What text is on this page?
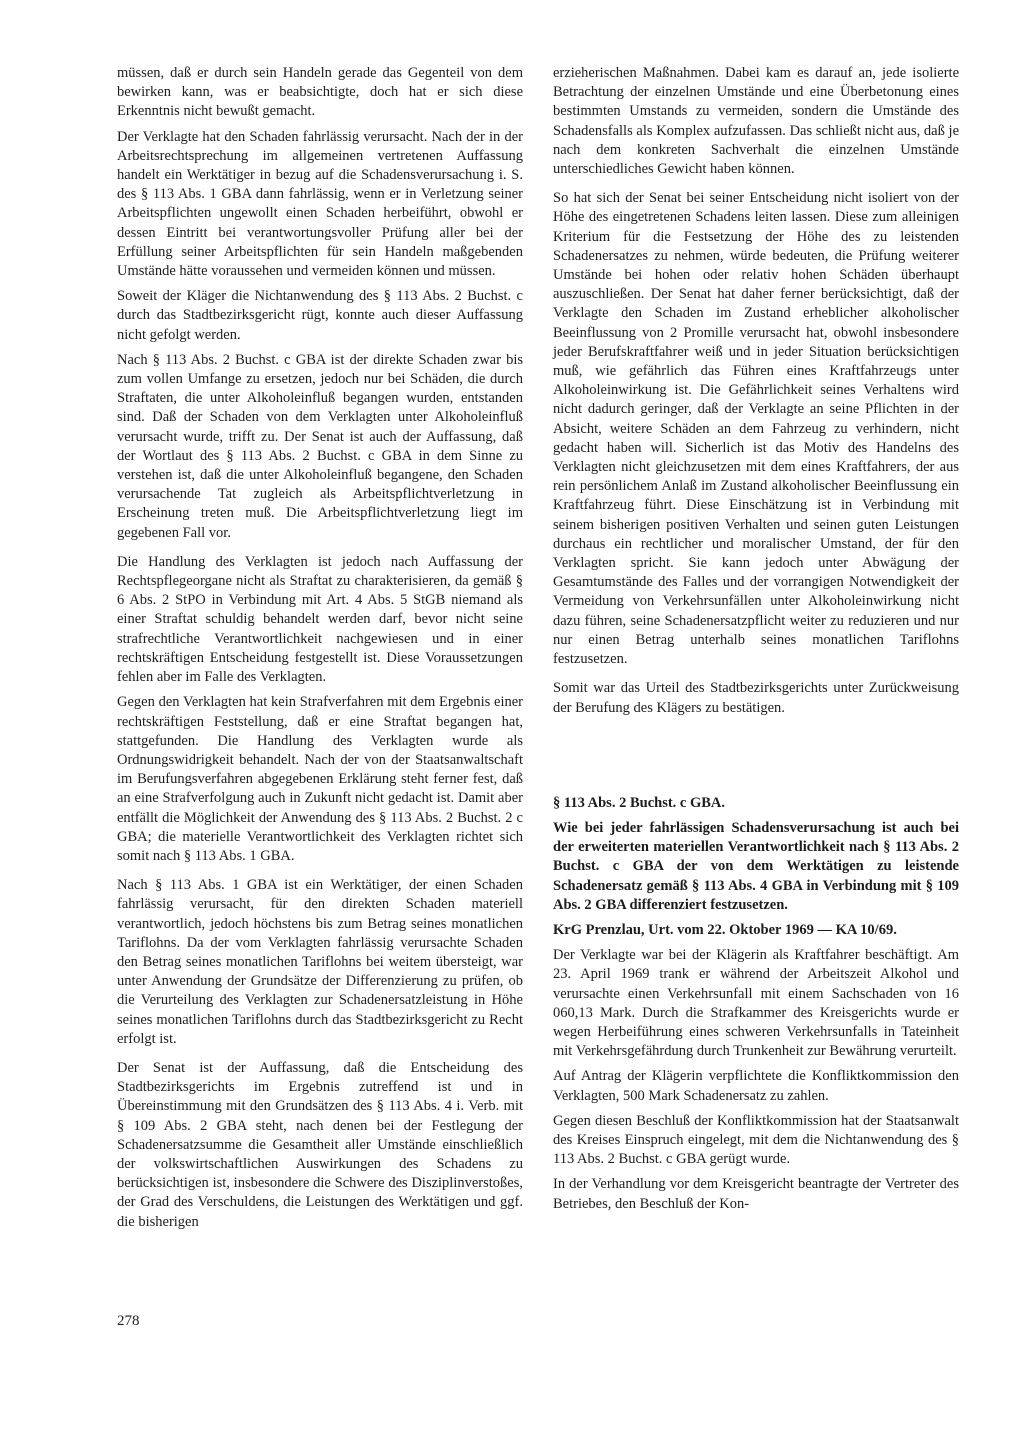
müssen, daß er durch sein Handeln gerade das Gegenteil von dem bewirken kann, was er beabsichtigte, doch hat er sich diese Erkenntnis nicht bewußt gemacht.

Der Verklagte hat den Schaden fahrlässig verursacht. Nach der in der Arbeitsrechtsprechung im allgemeinen vertretenen Auffassung handelt ein Werktätiger in bezug auf die Schadensverursachung i. S. des § 113 Abs. 1 GBA dann fahrlässig, wenn er in Verletzung seiner Arbeitspflichten ungewollt einen Schaden herbeiführt, obwohl er dessen Eintritt bei verantwortungsvoller Prüfung aller bei der Erfüllung seiner Arbeitspflichten für sein Handeln maßgebenden Umstände hätte voraussehen und vermeiden können und müssen.

Soweit der Kläger die Nichtanwendung des § 113 Abs. 2 Buchst. c durch das Stadtbezirksgericht rügt, konnte auch dieser Auffassung nicht gefolgt werden.

Nach § 113 Abs. 2 Buchst. c GBA ist der direkte Schaden zwar bis zum vollen Umfange zu ersetzen, jedoch nur bei Schäden, die durch Straftaten, die unter Alkoholeinfluß begangen wurden, entstanden sind. Daß der Schaden von dem Verklagten unter Alkoholeinfluß verursacht wurde, trifft zu. Der Senat ist auch der Auffassung, daß der Wortlaut des § 113 Abs. 2 Buchst. c GBA in dem Sinne zu verstehen ist, daß die unter Alkoholeinfluß begangene, den Schaden verursachende Tat zugleich als Arbeitspflichtverletzung in Erscheinung treten muß. Die Arbeitspflichtverletzung liegt im gegebenen Fall vor.

Die Handlung des Verklagten ist jedoch nach Auffassung der Rechtspflegeorgane nicht als Straftat zu charakterisieren, da gemäß § 6 Abs. 2 StPO in Verbindung mit Art. 4 Abs. 5 StGB niemand als einer Straftat schuldig behandelt werden darf, bevor nicht seine strafrechtliche Verantwortlichkeit nachgewiesen und in einer rechtskräftigen Entscheidung festgestellt ist. Diese Voraussetzungen fehlen aber im Falle des Verklagten.

Gegen den Verklagten hat kein Strafverfahren mit dem Ergebnis einer rechtskräftigen Feststellung, daß er eine Straftat begangen hat, stattgefunden. Die Handlung des Verklagten wurde als Ordnungswidrigkeit behandelt. Nach der von der Staatsanwaltschaft im Berufungsverfahren abgegebenen Erklärung steht ferner fest, daß an eine Strafverfolgung auch in Zukunft nicht gedacht ist. Damit aber entfällt die Möglichkeit der Anwendung des § 113 Abs. 2 Buchst. 2 c GBA; die materielle Verantwortlichkeit des Verklagten richtet sich somit nach § 113 Abs. 1 GBA.

Nach § 113 Abs. 1 GBA ist ein Werktätiger, der einen Schaden fahrlässig verursacht, für den direkten Schaden materiell verantwortlich, jedoch höchstens bis zum Betrag seines monatlichen Tariflohns. Da der vom Verklagten fahrlässig verursachte Schaden den Betrag seines monatlichen Tariflohns bei weitem übersteigt, war unter Anwendung der Grundsätze der Differenzierung zu prüfen, ob die Verurteilung des Verklagten zur Schadenersatzleistung in Höhe seines monatlichen Tariflohns durch das Stadtbezirksgericht zu Recht erfolgt ist.

Der Senat ist der Auffassung, daß die Entscheidung des Stadtbezirksgerichts im Ergebnis zutreffend ist und in Übereinstimmung mit den Grundsätzen des § 113 Abs. 4 i. Verb. mit § 109 Abs. 2 GBA steht, nach denen bei der Festlegung der Schadenersatzsumme die Gesamtheit aller Umstände einschließlich der volkswirtschaftlichen Auswirkungen des Schadens zu berücksichtigen ist, insbesondere die Schwere des Disziplinverstoßes, der Grad des Verschuldens, die Leistungen des Werktätigen und ggf. die bisherigen

erzieherischen Maßnahmen. Dabei kam es darauf an, jede isolierte Betrachtung der einzelnen Umstände und eine Überbetonung eines bestimmten Umstands zu vermeiden, sondern die Umstände des Schadensfalls als Komplex aufzufassen. Das schließt nicht aus, daß je nach dem konkreten Sachverhalt die einzelnen Umstände unterschiedliches Gewicht haben können.

So hat sich der Senat bei seiner Entscheidung nicht isoliert von der Höhe des eingetretenen Schadens leiten lassen. Diese zum alleinigen Kriterium für die Festsetzung der Höhe des zu leistenden Schadenersatzes zu nehmen, würde bedeuten, die Prüfung weiterer Umstände bei hohen oder relativ hohen Schäden überhaupt auszuschließen. Der Senat hat daher ferner berücksichtigt, daß der Verklagte den Schaden im Zustand erheblicher alkoholischer Beeinflussung von 2 Promille verursacht hat, obwohl insbesondere jeder Berufskraftfahrer weiß und in jeder Situation berücksichtigen muß, wie gefährlich das Führen eines Kraftfahrzeugs unter Alkoholeinwirkung ist. Die Gefährlichkeit seines Verhaltens wird nicht dadurch geringer, daß der Verklagte an seine Pflichten in der Absicht, weitere Schäden an dem Fahrzeug zu verhindern, nicht gedacht haben will. Sicherlich ist das Motiv des Handelns des Verklagten nicht gleichzusetzen mit dem eines Kraftfahrers, der aus rein persönlichem Anlaß im Zustand alkoholischer Beeinflussung ein Kraftfahrzeug führt. Diese Einschätzung ist in Verbindung mit seinem bisherigen positiven Verhalten und seinen guten Leistungen durchaus ein rechtlicher und moralischer Umstand, der für den Verklagten spricht. Sie kann jedoch unter Abwägung der Gesamtumstände des Falles und der vorrangigen Notwendigkeit der Vermeidung von Verkehrsunfällen unter Alkoholeinwirkung nicht dazu führen, seine Schadenersatzpflicht weiter zu reduzieren und nur nur einen Betrag unterhalb seines monatlichen Tariflohns festzusetzen.

Somit war das Urteil des Stadtbezirksgerichts unter Zurückweisung der Berufung des Klägers zu bestätigen.

§ 113 Abs. 2 Buchst. c GBA.

Wie bei jeder fahrlässigen Schadensverursachung ist auch bei der erweiterten materiellen Verantwortlichkeit nach § 113 Abs. 2 Buchst. c GBA der von dem Werktätigen zu leistende Schadenersatz gemäß § 113 Abs. 4 GBA in Verbindung mit § 109 Abs. 2 GBA differenziert festzusetzen.

KrG Prenzlau, Urt. vom 22. Oktober 1969 — KA 10/69.

Der Verklagte war bei der Klägerin als Kraftfahrer beschäftigt. Am 23. April 1969 trank er während der Arbeitszeit Alkohol und verursachte einen Verkehrsunfall mit einem Sachschaden von 16 060,13 Mark. Durch die Strafkammer des Kreisgerichts wurde er wegen Herbeiführung eines schweren Verkehrsunfalls in Tateinheit mit Verkehrsgefährdung durch Trunkenheit zur Bewährung verurteilt.

Auf Antrag der Klägerin verpflichtete die Konfliktkommission den Verklagten, 500 Mark Schadenersatz zu zahlen.

Gegen diesen Beschluß der Konfliktkommission hat der Staatsanwalt des Kreises Einspruch eingelegt, mit dem die Nichtanwendung des § 113 Abs. 2 Buchst. c GBA gerügt wurde.

In der Verhandlung vor dem Kreisgericht beantragte der Vertreter des Betriebes, den Beschluß der Kon-

278
